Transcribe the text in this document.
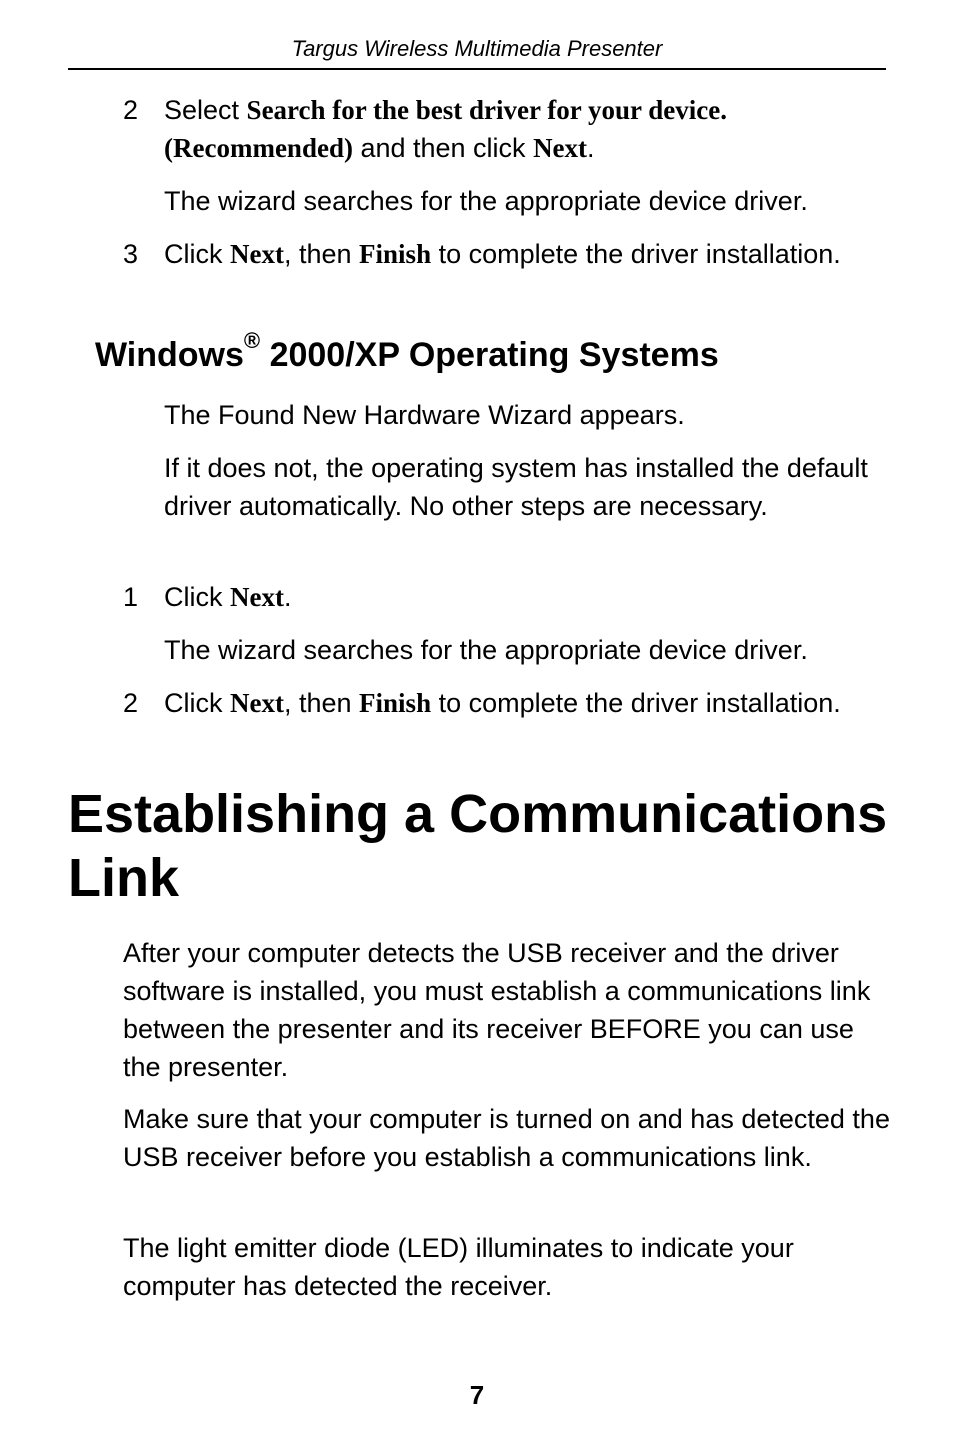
Targus Wireless Multimedia Presenter
2 Select Search for the best driver for your device. (Recommended) and then click Next.
The wizard searches for the appropriate device driver.
3 Click Next, then Finish to complete the driver installation.
Windows® 2000/XP Operating Systems
The Found New Hardware Wizard appears.
If it does not, the operating system has installed the default driver automatically. No other steps are necessary.
1 Click Next.
The wizard searches for the appropriate device driver.
2 Click Next, then Finish to complete the driver installation.
Establishing a Communications Link
After your computer detects the USB receiver and the driver software is installed, you must establish a communications link between the presenter and its receiver BEFORE you can use the presenter.
Make sure that your computer is turned on and has detected the USB receiver before you establish a communications link.
The light emitter diode (LED) illuminates to indicate your computer has detected the receiver.
7
